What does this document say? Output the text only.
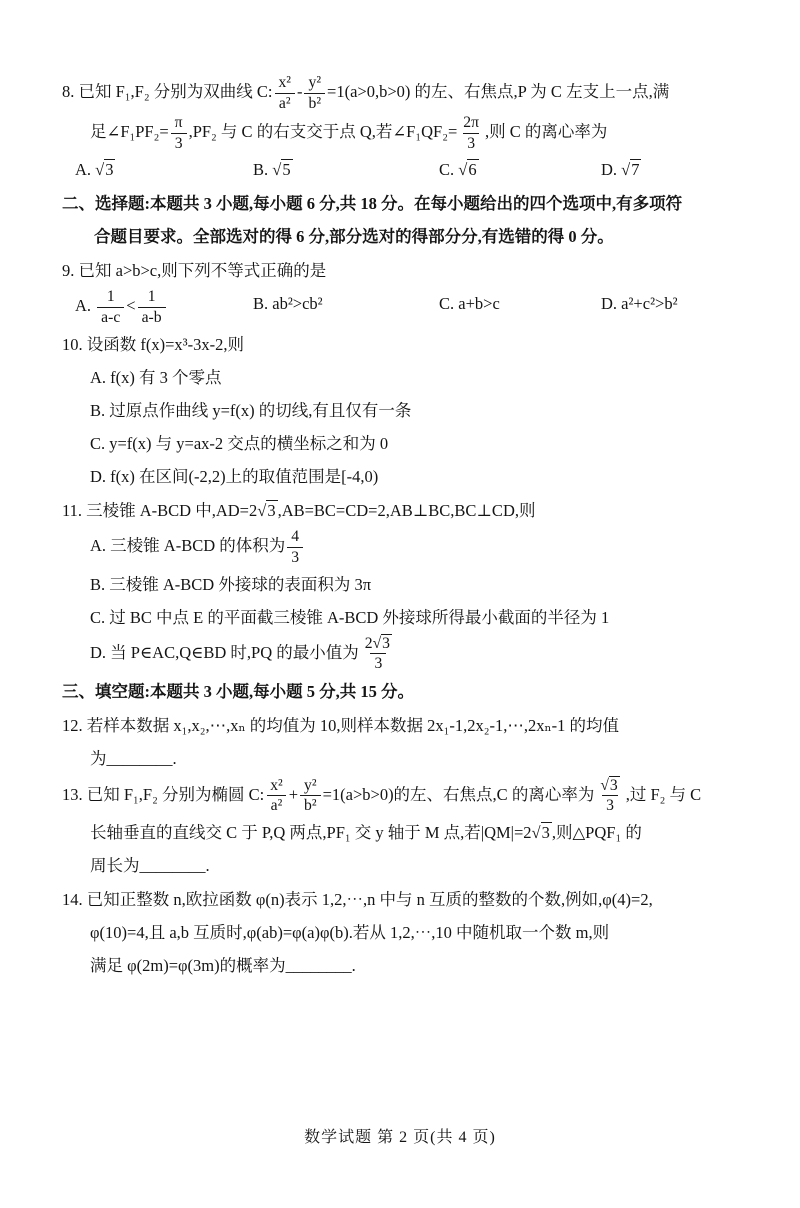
8. 已知 F₁,F₂ 分别为双曲线 C: $\frac{\text{x²}}{\text{a²}} - \frac{\text{y²}}{\text{b²}} =1(a>0,b>0)$ 的左、右焦点,P 为 C 左支上一点,满

足∠F₁PF₂= $\frac{\pi}{3} ,PF_2$ 与 C 的右支交于点 Q,若∠F₁QF₂= $\frac{2\pi}{3}$ ,则 C 的离心率为

A. √3	B. √5	C. √6	D. √7

二、选择题:本题共 3 小题,每小题 6 分,共 18 分。在每小题给出的四个选项中,有多项符

合题目要求。全部选对的得 6 分,部分选对的得部分分,有选错的得 0 分。

9. 已知 a>b>c,则下列不等式正确的是

A. $\frac{1}{a-c} < \frac{1}{a-b}$	B. ab²>cb²	C. a+b>c	D. a²+c²>b²

10. 设函数 f(x)=x³-3x-2,则

A. f(x) 有 3 个零点

B. 过原点作曲线 y=f(x) 的切线,有且仅有一条

C. y=f(x) 与 y=ax-2 交点的横坐标之和为 0

D. f(x) 在区间(-2,2)上的取值范围是[-4,0)

11. 三棱锥 A-BCD 中,AD=2√3 ,AB=BC=CD=2,AB⊥BC,BC⊥CD,则

A. 三棱锥 A-BCD 的体积为 $\frac{4}{3}$

B. 三棱锥 A-BCD 外接球的表面积为 3π

C. 过 BC 中点 E 的平面截三棱锥 A-BCD 外接球所得最小截面的半径为 1

D. 当 P∈AC,Q∈BD 时,PQ 的最小值为 $\frac{2√3}{3}$

三、填空题:本题共 3 小题,每小题 5 分,共 15 分。

12. 若样本数据 x₁,x₂,⋯,xₙ 的均值为 10,则样本数据 2x₁-1,2x₂-1,⋯,2xₙ-1 的均值

为________.

13. 已知 F₁,F₂ 分别为椭圆 C: $\frac{\text{x²}}{\text{a²}} + \frac{\text{y²}}{\text{b²}} =1(a>b>0)$的左、右焦点,C 的离心率为 $\frac{√3}{3}$ ,过 F₂ 与 C

长轴垂直的直线交 C 于 P,Q 两点,PF₁ 交 y 轴于 M 点,若|QM|=2√3 ,则△PQF₁ 的

周长为________.

14. 已知正整数 n,欧拉函数 φ(n)表示 1,2,⋯,n 中与 n 互质的整数的个数,例如,φ(4)=2,

φ(10)=4,且 a,b 互质时,φ(ab)=φ(a)φ(b).若从 1,2,⋯,10 中随机取一个数 m,则

满足 φ(2m)=φ(3m)的概率为________.

数学试题 第 2 页(共 4 页)
